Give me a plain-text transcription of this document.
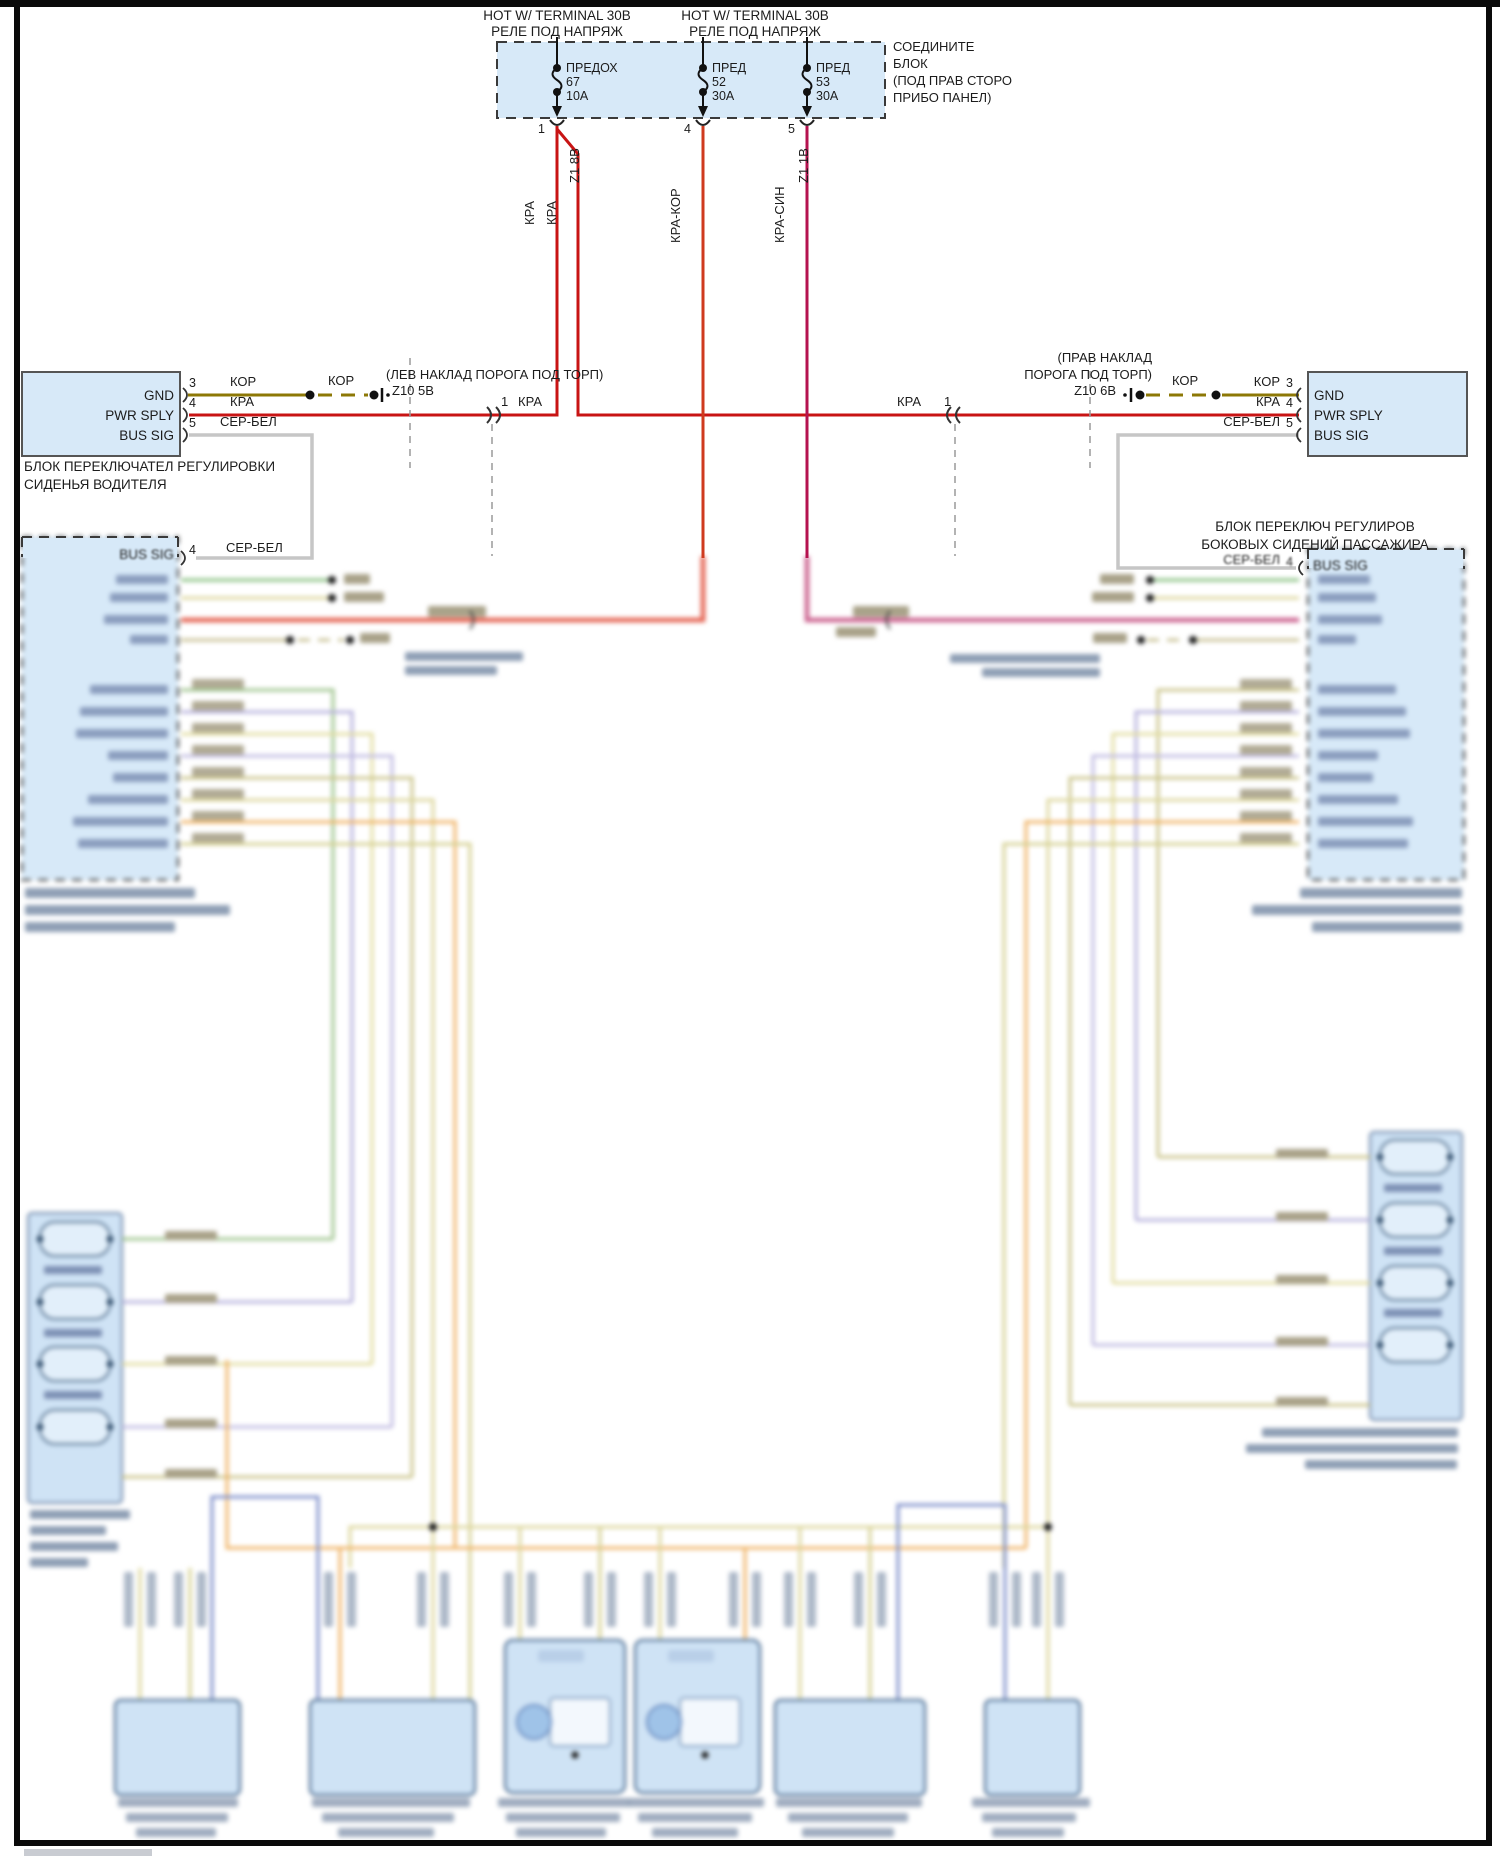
HOT W/ TERMINAL 30B
РЕЛЕ ПОД НАПРЯЖ
HOT W/ TERMINAL 30B
РЕЛЕ ПОД НАПРЯЖ
ПРЕДОХ
67
10А
ПРЕД
52
30А
ПРЕД
53
30А
СОЕДИНИТЕ
БЛОК
(ПОД ПРАВ СТОРО
ПРИБО ПАНЕЛ)
1	4	5
КРА КРА
Z1 8В
КРА-КОР	КРА-СИН
Z1 1В
GND
PWR SPLY
BUS SIG
3
4
5
КОР
КРА
СЕР-БЕЛ
КОР
Z10 5В
(ЛЕВ НАКЛАД ПОРОГА ПОД ТОРП)
БЛОК ПЕРЕКЛЮЧАТЕЛ РЕГУЛИРОВКИ
СИДЕНЬЯ ВОДИТЕЛЯ
1 КРА	КРА 1	GND
PWR SPLY
BUS SIG
3
4
5
КОР
КРА
СЕР-БЕЛ
КОР
Z10 6В
(ПРАВ НАКЛАД
ПОРОГА ПОД ТОРП)
БЛОК ПЕРЕКЛЮЧ РЕГУЛИРОВ
БОКОВЫХ СИДЕНИЙ ПАССАЖИРА
СЕР-БЕЛ
4
BUS SIG	СЕР-БЕЛ 4 BUS SIG
